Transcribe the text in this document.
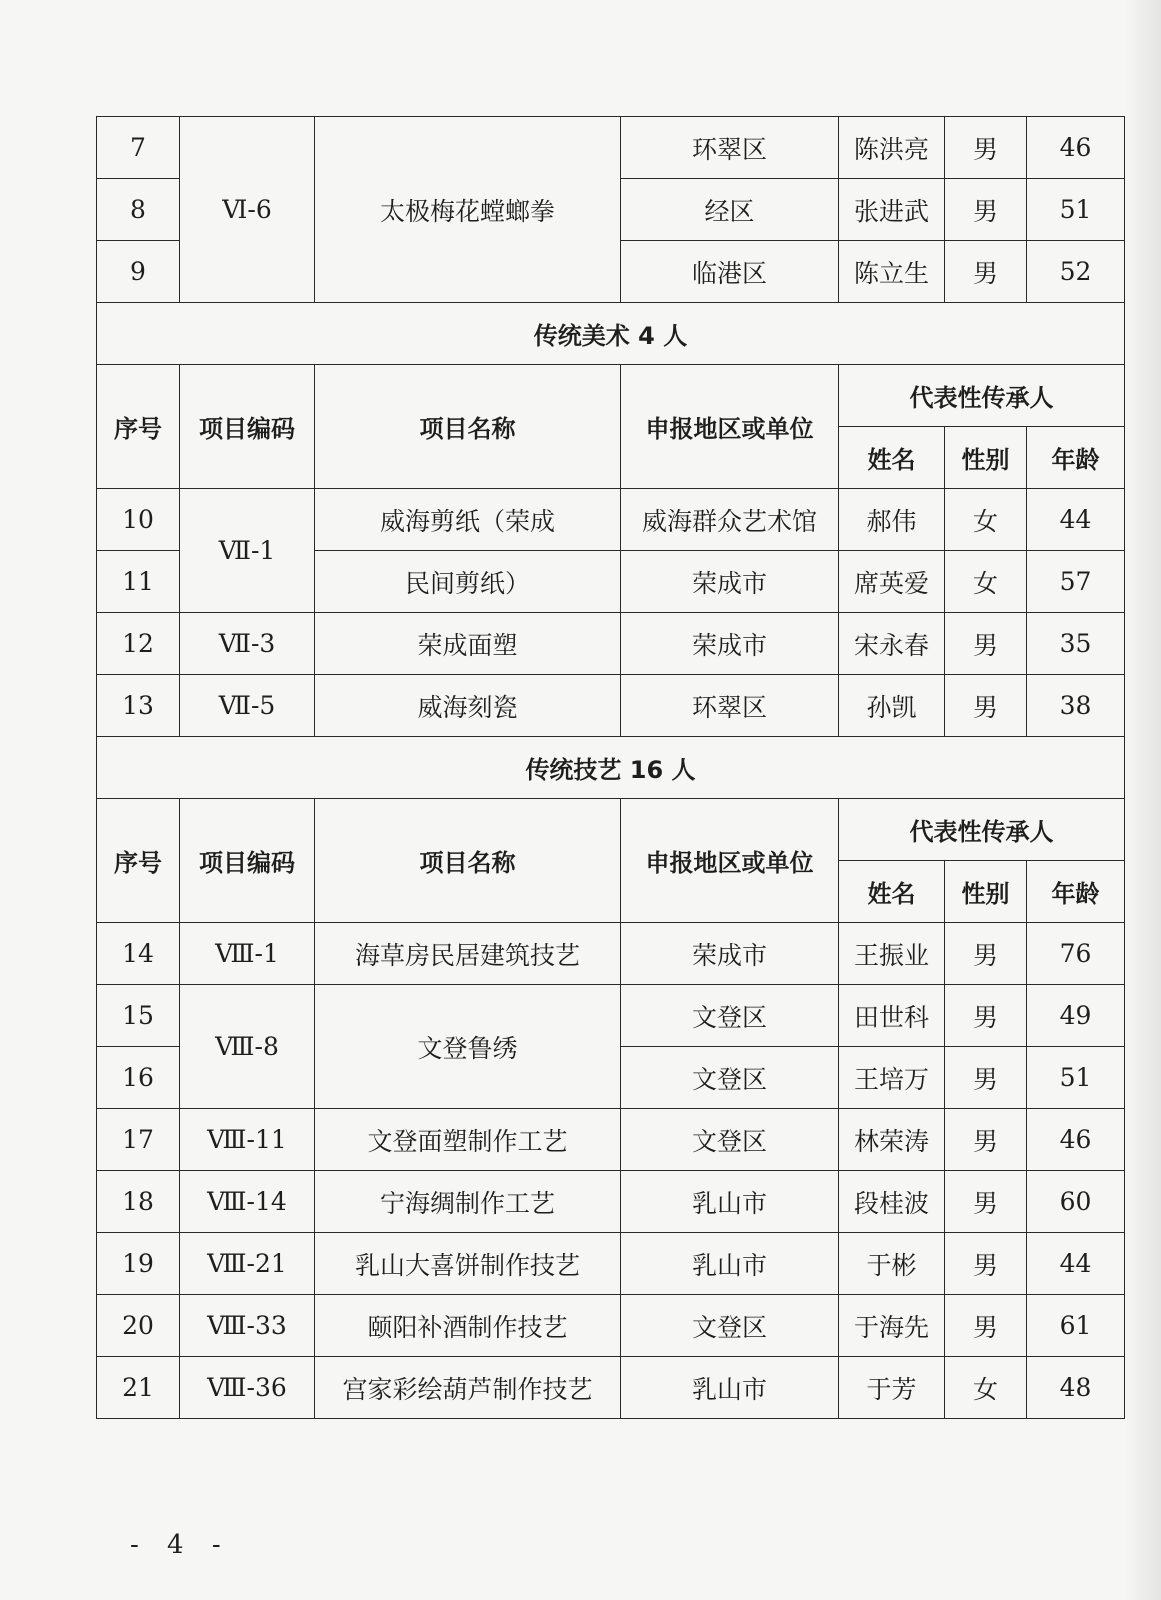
7	Ⅵ-6	太极梅花螳螂拳	环翠区	陈洪亮	男	46
8			经区	张进武	男	51
9			临港区	陈立生	男	52
传统美术 4 人						
序号	项目编码	项目名称	申报地区或单位	代表性传承人		
				姓名	性别	年龄
10	Ⅶ-1	威海剪纸（荣成	威海群众艺术馆	郝伟	女	44
11		民间剪纸）	荣成市	席英爱	女	57
12	Ⅶ-3	荣成面塑	荣成市	宋永春	男	35
13	Ⅶ-5	威海刻瓷	环翠区	孙凯	男	38
传统技艺 16 人						
序号	项目编码	项目名称	申报地区或单位	代表性传承人		
				姓名	性别	年龄
14	Ⅷ-1	海草房民居建筑技艺	荣成市	王振业	男	76
15	Ⅷ-8	文登鲁绣	文登区	田世科	男	49
16			文登区	王培万	男	51
17	Ⅷ-11	文登面塑制作工艺	文登区	林荣涛	男	46
18	Ⅷ-14	宁海绸制作工艺	乳山市	段桂波	男	60
19	Ⅷ-21	乳山大喜饼制作技艺	乳山市	于彬	男	44
20	Ⅷ-33	颐阳补酒制作技艺	文登区	于海先	男	61
21	Ⅷ-36	宫家彩绘葫芦制作技艺	乳山市	于芳	女	48
- 4 -
